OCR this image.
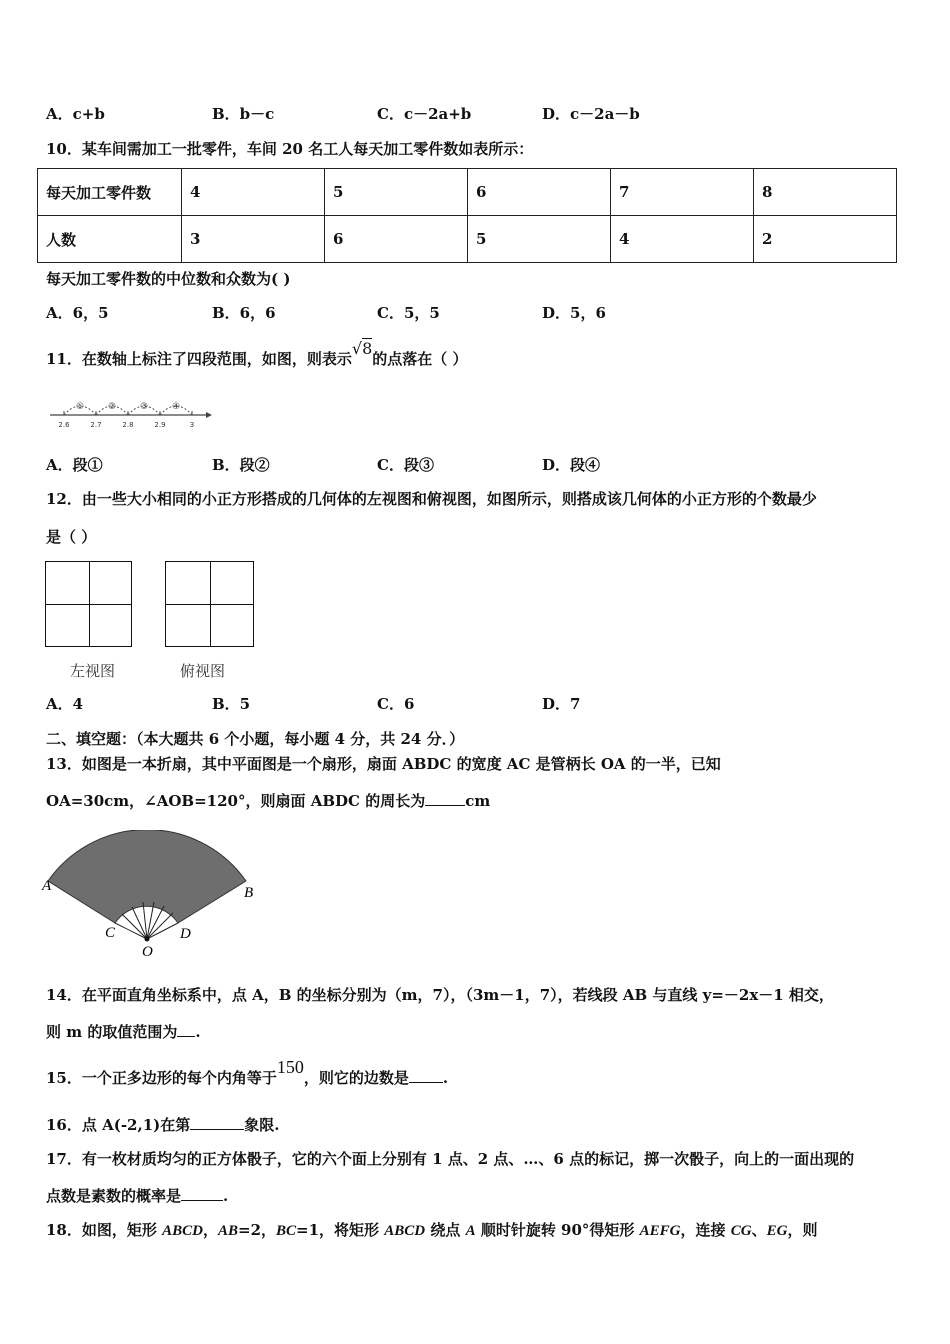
A．c+b	B．b－c	C．c－2a+b	D．c－2a－b
10．某车间需加工一批零件，车间 20 名工人每天加工零件数如表所示：
每天加工零件数	4	5	6	7	8
人数	3	6	5	4	2
每天加工零件数的中位数和众数为( )
A．6，5	B．6，6	C．5，5	D．5，6
11．在数轴上标注了四段范围，如图，则表示√8的点落在（ ）
2.6	2.7	2.8	2.9	3
①	②	③	④
A．段①	B．段②	C．段③	D．段④
12．由一些大小相同的小正方形搭成的几何体的左视图和俯视图，如图所示，则搭成该几何体的小正方形的个数最少
是（ ）
左视图	俯视图
A．4	B．5	C．6	D．7
二、填空题：（本大题共 6 个小题，每小题 4 分，共 24 分．）
13．如图是一本折扇，其中平面图是一个扇形，扇面 ABDC 的宽度 AC 是管柄长 OA 的一半，已知
OA=30cm，∠AOB=120°，则扇面 ABDC 的周长为	cm
A	B
C	D
O
14．在平面直角坐标系中，点 A，B 的坐标分别为（m，7），（3m－1，7），若线段 AB 与直线 y=－2x－1 相交，
则 m 的取值范围为 .
15．一个正多边形的每个内角等于150，则它的边数是 .
16．点 A(-2,1)在第	象限.
17．有一枚材质均匀的正方体骰子，它的六个面上分别有 1 点、2 点、…、6 点的标记，掷一次骰子，向上的一面出现的
点数是素数的概率是	.
18．如图，矩形 ABCD，AB=2，BC=1，将矩形 ABCD 绕点 A 顺时针旋转 90°得矩形 AEFG，连接 CG、EG，则
